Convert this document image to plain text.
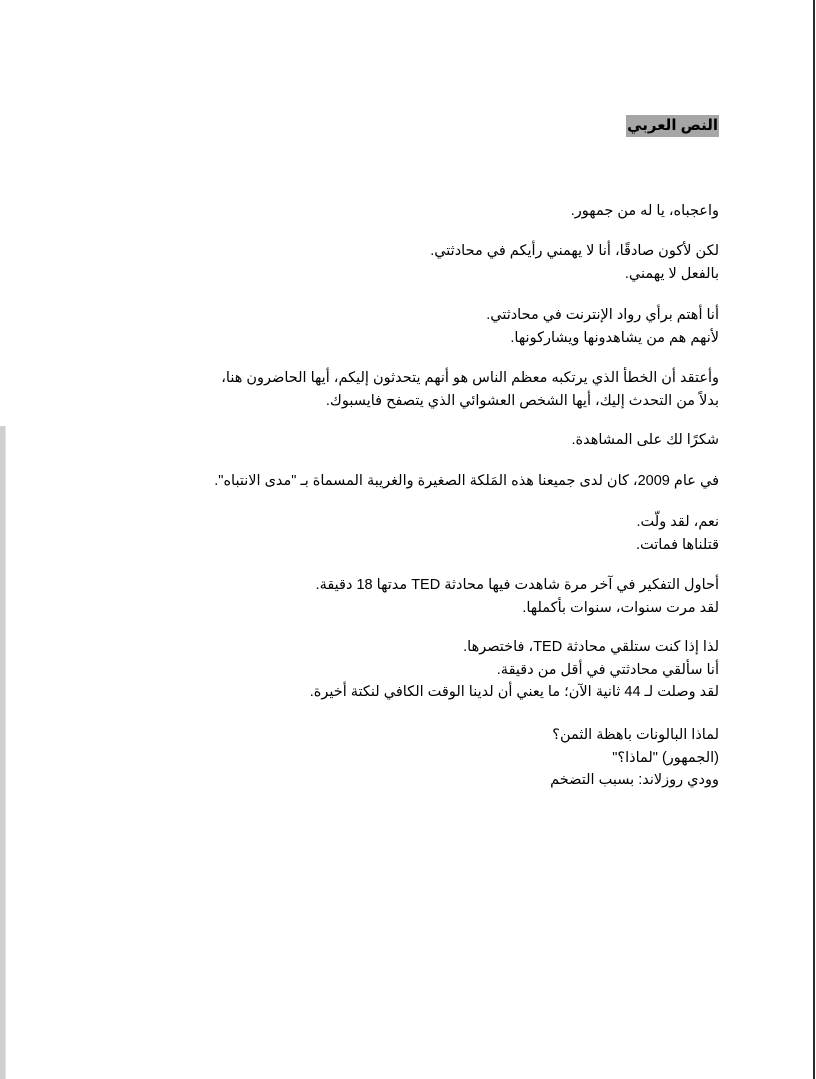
النص العربي
واعجباه، يا له من جمهور.
لكن لأكون صادقًا، أنا لا يهمني رأيكم في محادثتي.
بالفعل لا يهمني.
أنا أهتم برأي رواد الإنترنت في محادثتي.
لأنهم هم من يشاهدونها ويشاركونها.
وأعتقد أن الخطأ الذي يرتكبه معظم الناس هو أنهم يتحدثون إليكم، أيها الحاضرون هنا،
بدلاً من التحدث إليك، أيها الشخص العشوائي الذي يتصفح فايسبوك.
شكرًا لك على المشاهدة.
في عام 2009، كان لدى جميعنا هذه المَلكة الصغيرة والغريبة المسماة بـ "مدى الانتباه".
نعم، لقد ولّت.
قتلناها فماتت.
أحاول التفكير في آخر مرة شاهدت فيها محادثة TED مدتها 18 دقيقة.
لقد مرت سنوات، سنوات بأكملها.
لذا إذا كنت ستلقي محادثة TED، فاختصرها.
أنا سألقي محادثتي في أقل من دقيقة.
لقد وصلت لـ 44 ثانية الآن؛ ما يعني أن لدينا الوقت الكافي لنكتة أخيرة.
لماذا البالونات باهظة الثمن؟
(الجمهور) "لماذا؟"
وودي روزلاند: بسبب التضخم
